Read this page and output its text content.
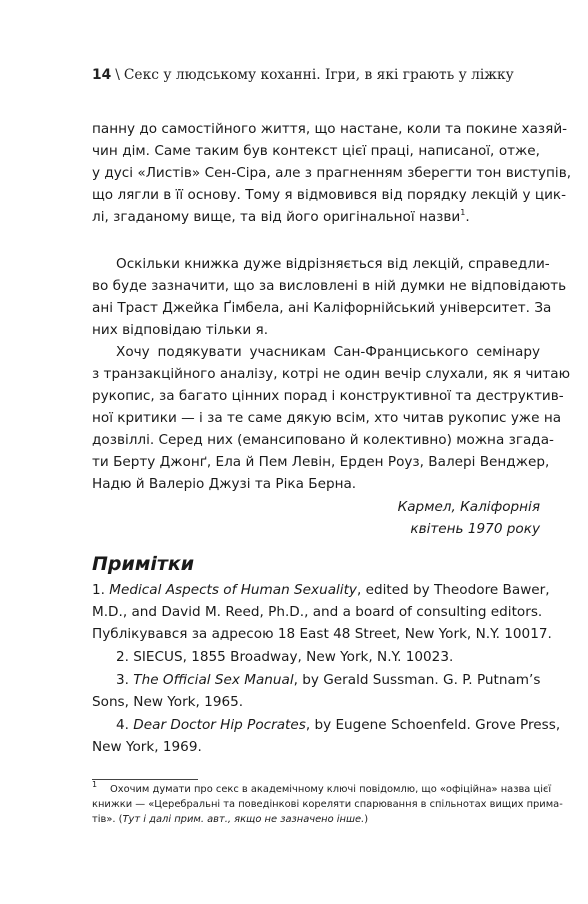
14 \ Секс у людському коханні. Ігри, в які грають у ліжку
панну до самостійного життя, що настане, коли та покине хазяй-
чин дім. Саме таким був контекст цієї праці, написаної, отже,
у дусі «Листів» Сен-Сіра, але з прагненням зберегти тон виступів,
що лягли в її основу. Тому я відмовився від порядку лекцій у цик-
лі, згаданому вище, та від його оригінальної назви$^1$.
Оскільки книжка дуже відрізняється від лекцій, справедли-
во буде зазначити, що за висловлені в ній думки не відповідають
ані Траст Джейка Ґімбела, ані Каліфорнійський університет. За
них відповідаю тільки я.
Хочу подякувати учасникам Сан-Франциського семінару
з транзакційного аналізу, котрі не один вечір слухали, як я читаю
рукопис, за багато цінних порад і конструктивної та деструктив-
ної критики — і за те саме дякую всім, хто читав рукопис уже на
дозвіллі. Серед них (емансиповано й колективно) можна згада-
ти Берту Джонґ, Ела й Пем Левін, Ерден Роуз, Валері Венджер,
Надю й Валеріо Джузі та Ріка Берна.
Кармел, Каліфорнія
квітень 1970 року
Примітки
1. Medical Aspects of Human Sexuality, edited by Theodore Bawer,
M.D., and David M. Reed, Ph.D., and a board of consulting editors.
Публікувався за адресою 18 East 48 Street, New York, N.Y. 10017.
2. SIECUS, 1855 Broadway, New York, N.Y. 10023.
3. The Official Sex Manual, by Gerald Sussman. G. P. Putnam’s
Sons, New York, 1965.
4. Dear Doctor Hip Pocrates, by Eugene Schoenfeld. Grove Press,
New York, 1969.
1 Охочим думати про секс в академічному ключі повідомлю, що «офіційна» назва цієї
книжки — «Церебральні та поведінкові кореляти спарювання в спільнотах вищих прима-
тів». (Тут і далі прим. авт., якщо не зазначено інше.)
